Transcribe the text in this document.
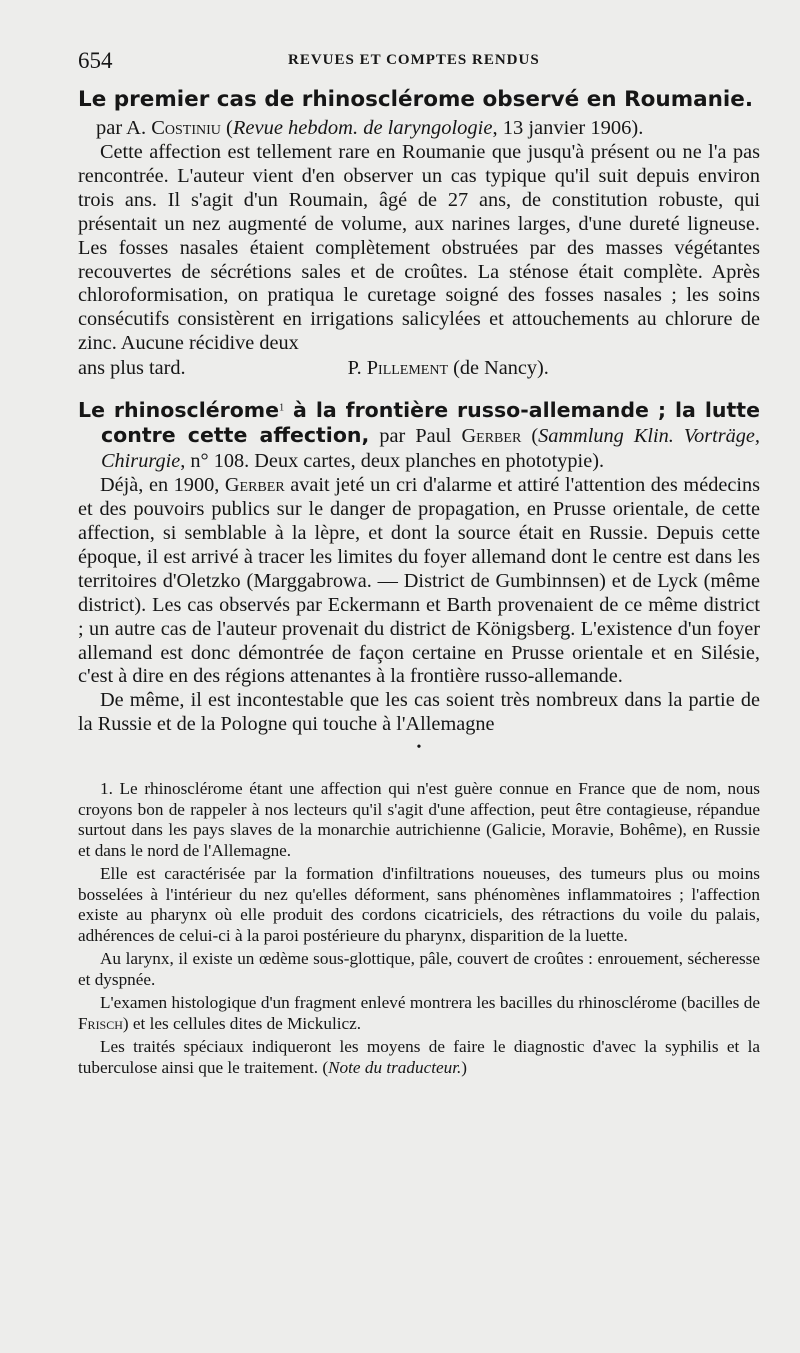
654	REVUES ET COMPTES RENDUS
Le premier cas de rhinosclérome observé en Roumanie.
par A. Costiniu (Revue hebdom. de laryngologie, 13 janvier 1906).

Cette affection est tellement rare en Roumanie que jusqu'à présent ou ne l'a pas rencontrée. L'auteur vient d'en observer un cas typique qu'il suit depuis environ trois ans. Il s'agit d'un Roumain, âgé de 27 ans, de constitution robuste, qui présentait un nez augmenté de volume, aux narines larges, d'une dureté ligneuse. Les fosses nasales étaient complètement obstruées par des masses végétantes recouvertes de sécrétions sales et de croûtes. La sténose était complète. Après chloroformisation, on pratiqua le curetage soigné des fosses nasales ; les soins consécutifs consistèrent en irrigations salicylées et attouchements au chlorure de zinc. Aucune récidive deux

ans plus tard.	P. Pillement (de Nancy).

Le rhinosclérome$^1$ à la frontière russo-allemande ; la lutte contre cette affection, par Paul Gerber (Sammlung Klin. Vorträge, Chirurgie, n° 108. Deux cartes, deux planches en phototypie).

Déjà, en 1900, Gerber avait jeté un cri d'alarme et attiré l'attention des médecins et des pouvoirs publics sur le danger de propagation, en Prusse orientale, de cette affection, si semblable à la lèpre, et dont la source était en Russie. Depuis cette époque, il est arrivé à tracer les limites du foyer allemand dont le centre est dans les territoires d'Oletzko (Marggabrowa. — District de Gumbinnsen) et de Lyck (même district). Les cas observés par Eckermann et Barth provenaient de ce même district ; un autre cas de l'auteur provenait du district de Königsberg. L'existence d'un foyer allemand est donc démontrée de façon certaine en Prusse orientale et en Silésie, c'est à dire en des régions attenantes à la frontière russo-allemande.

De même, il est incontestable que les cas soient très nombreux dans la partie de la Russie et de la Pologne qui touche à l'Allemagne

•

1. Le rhinosclérome étant une affection qui n'est guère connue en France que de nom, nous croyons bon de rappeler à nos lecteurs qu'il s'agit d'une affection, peut être contagieuse, répandue surtout dans les pays slaves de la monarchie autrichienne (Galicie, Moravie, Bohême), en Russie et dans le nord de l'Allemagne.

Elle est caractérisée par la formation d'infiltrations noueuses, des tumeurs plus ou moins bosselées à l'intérieur du nez qu'elles déforment, sans phénomènes inflammatoires ; l'affection existe au pharynx où elle produit des cordons cicatriciels, des rétractions du voile du palais, adhérences de celui-ci à la paroi postérieure du pharynx, disparition de la luette.

Au larynx, il existe un œdème sous-glottique, pâle, couvert de croûtes : enrouement, sécheresse et dyspnée.

L'examen histologique d'un fragment enlevé montrera les bacilles du rhinosclérome (bacilles de Frisch) et les cellules dites de Mickulicz.

Les traités spéciaux indiqueront les moyens de faire le diagnostic d'avec la syphilis et la tuberculose ainsi que le traitement. (Note du traducteur.)
